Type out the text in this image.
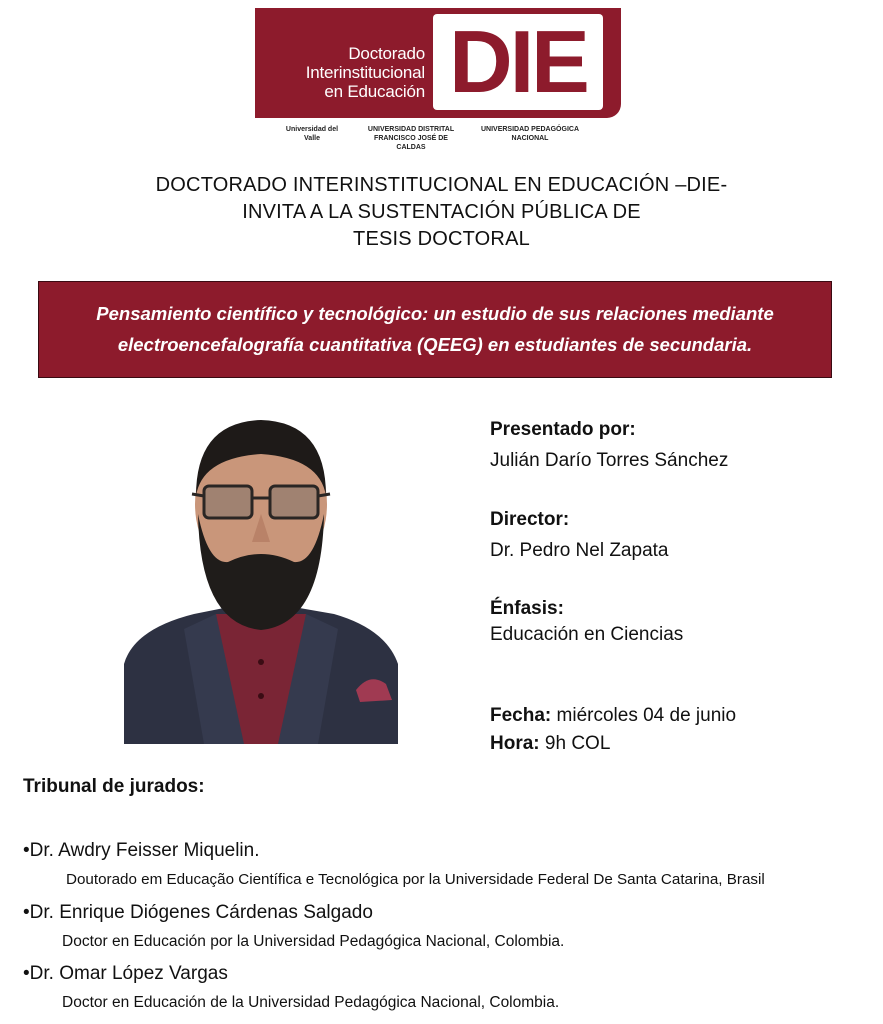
Doctorado
Interinstitucional
en Educación DIE
Universidad del Valle
UNIVERSIDAD DISTRITAL FRANCISCO JOSÉ DE CALDAS
UNIVERSIDAD PEDAGÓGICA NACIONAL
DOCTORADO INTERINSTITUCIONAL EN EDUCACIÓN –DIE-
INVITA A LA SUSTENTACIÓN PÚBLICA DE
TESIS DOCTORAL
Pensamiento científico y tecnológico: un estudio de sus relaciones mediante
electroencefalografía cuantitativa (QEEG) en estudiantes de secundaria.
Presentado por:
Julián Darío Torres Sánchez
Director:
Dr. Pedro Nel Zapata
Énfasis:
Educación en Ciencias
Fecha: miércoles 04 de junio
Hora: 9h COL
Tribunal de jurados:
•Dr. Awdry Feisser Miquelin.
Doutorado em Educação Científica e Tecnológica por la Universidade Federal De Santa Catarina, Brasil
•Dr. Enrique Diógenes Cárdenas Salgado
Doctor en Educación por la Universidad Pedagógica Nacional, Colombia.
•Dr. Omar López Vargas
Doctor en Educación de la Universidad Pedagógica Nacional, Colombia.
